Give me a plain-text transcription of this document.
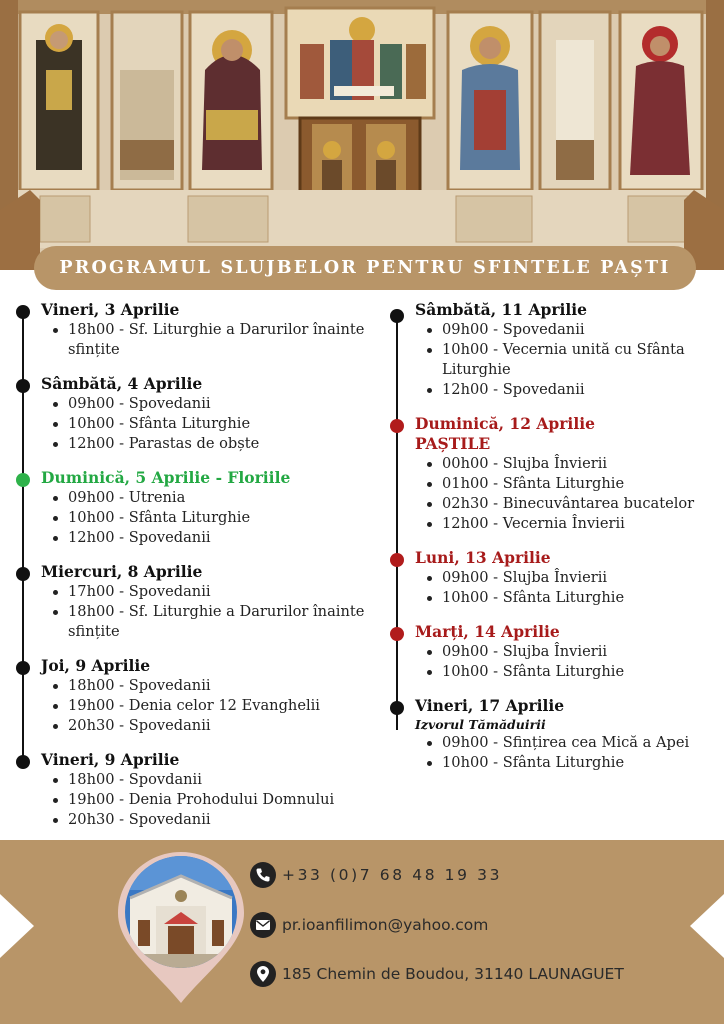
PROGRAMUL SLUJBELOR PENTRU SFINTELE PAȘTI
Vineri, 3 Aprilie
18h00 - Sf. Liturghie a Darurilor înainte sfințite
Sâmbătă, 4 Aprilie
09h00 - Spovedanii
10h00 - Sfânta Liturghie
12h00 - Parastas de obște
Duminică, 5 Aprilie - Floriile
09h00 - Utrenia
10h00 - Sfânta Liturghie
12h00 - Spovedanii
Miercuri, 8 Aprilie
17h00 - Spovedanii
18h00 - Sf. Liturghie a Darurilor înainte sfințite
Joi, 9 Aprilie
18h00 - Spovedanii
19h00 - Denia celor 12 Evanghelii
20h30 - Spovedanii
Vineri, 9 Aprilie
18h00 - Spovdanii
19h00 - Denia Prohodului Domnului
20h30 - Spovedanii
Sâmbătă, 11 Aprilie
09h00 - Spovedanii
10h00 - Vecernia unită cu Sfânta Liturghie
12h00 - Spovedanii
Duminică, 12 Aprilie
PAȘTILE
00h00 - Slujba Învierii
01h00 - Sfânta Liturghie
02h30 - Binecuvântarea bucatelor
12h00 - Vecernia Învierii
Luni, 13 Aprilie
09h00 - Slujba Învierii
10h00 - Sfânta Liturghie
Marți, 14 Aprilie
09h00 - Slujba Învierii
10h00 - Sfânta Liturghie
Vineri, 17 Aprilie
Izvorul Tămăduirii
09h00 - Sfințirea cea Mică a Apei
10h00 - Sfânta Liturghie
+33 (0)7 68 48 19 33
pr.ioanfilimon@yahoo.com
185 Chemin de Boudou, 31140 LAUNAGUET
